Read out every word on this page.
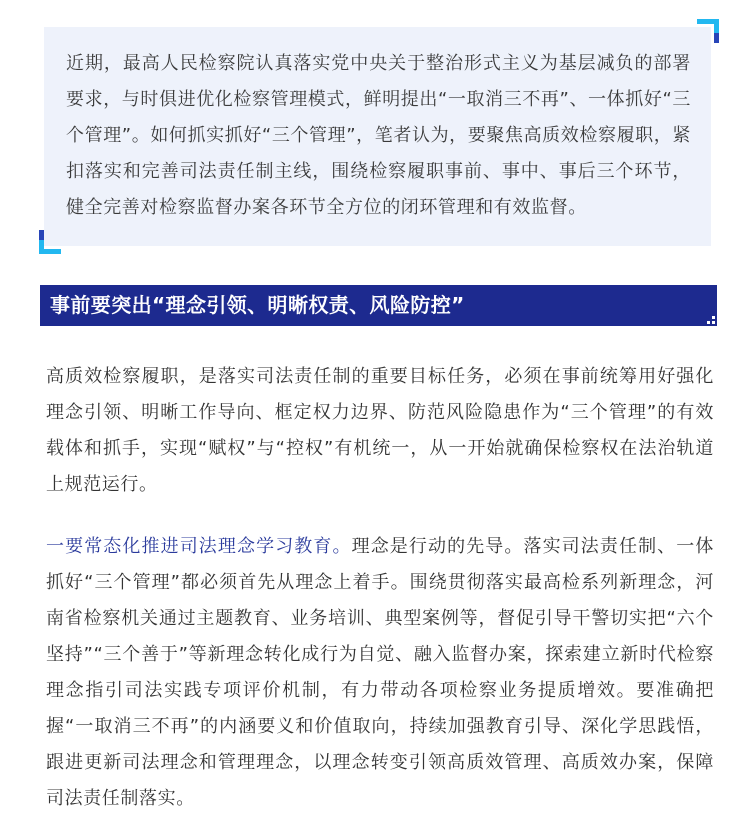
近期，最高人民检察院认真落实党中央关于整治形式主义为基层减负的部署要求，与时俱进优化检察管理模式，鲜明提出“一取消三不再”、一体抓好“三个管理”。如何抓实抓好“三个管理”，笔者认为，要聚焦高质效检察履职，紧扣落实和完善司法责任制主线，围绕检察履职事前、事中、事后三个环节，健全完善对检察监督办案各环节全方位的闭环管理和有效监督。

事前要突出“理念引领、明晰权责、风险防控”

高质效检察履职，是落实司法责任制的重要目标任务，必须在事前统筹用好强化理念引领、明晰工作导向、框定权力边界、防范风险隐患作为“三个管理”的有效载体和抓手，实现“赋权”与“控权”有机统一，从一开始就确保检察权在法治轨道上规范运行。

一要常态化推进司法理念学习教育。理念是行动的先导。落实司法责任制、一体抓好“三个管理”都必须首先从理念上着手。围绕贯彻落实最高检系列新理念，河南省检察机关通过主题教育、业务培训、典型案例等，督促引导干警切实把“六个坚持”“三个善于”等新理念转化成行为自觉、融入监督办案，探索建立新时代检察理念指引司法实践专项评价机制，有力带动各项检察业务提质增效。要准确把握“一取消三不再”的内涵要义和价值取向，持续加强教育引导、深化学思践悟，跟进更新司法理念和管理理念，以理念转变引领高质效管理、高质效办案，保障司法责任制落实。
